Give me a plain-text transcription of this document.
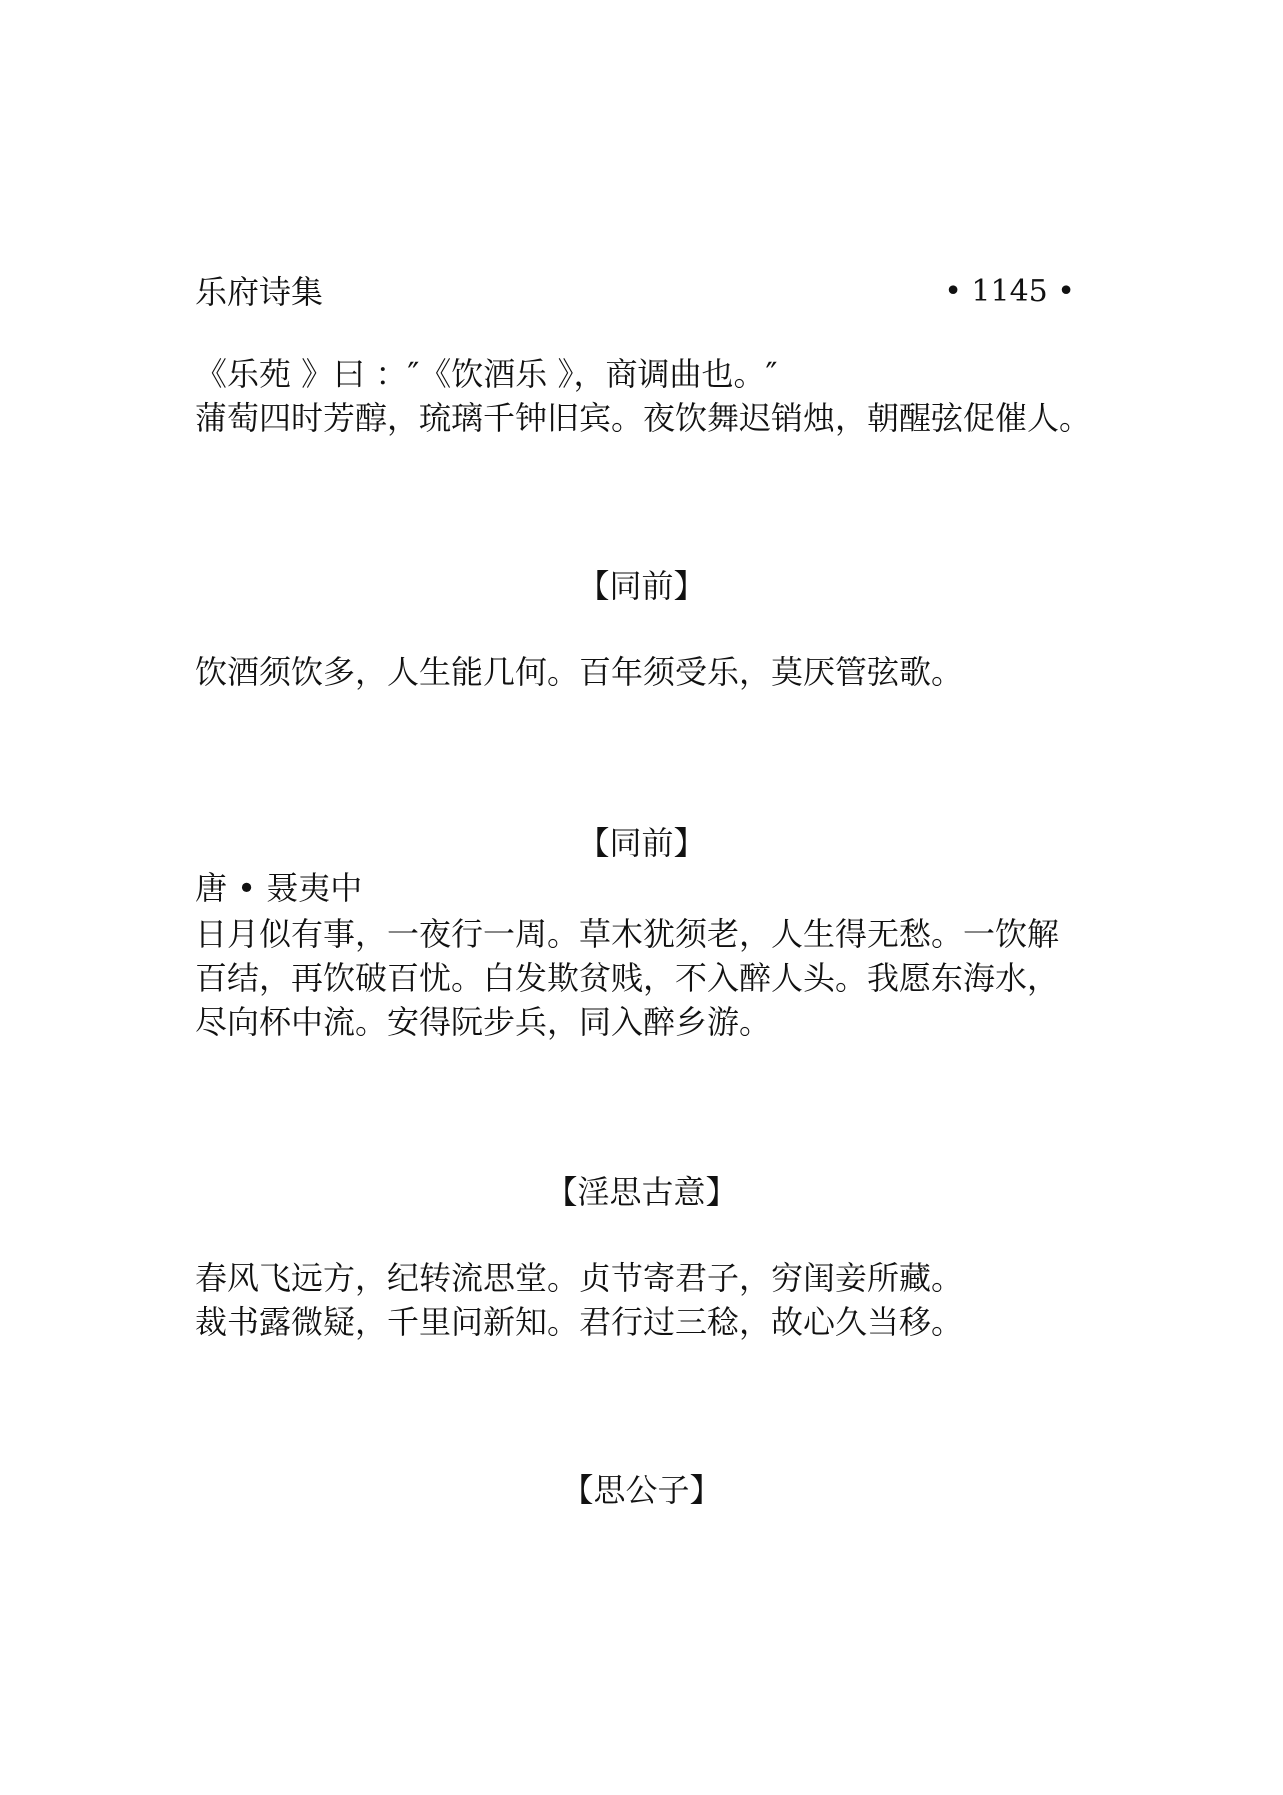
乐府诗集	• 1145 •
《乐苑 》曰 ：″《饮酒乐 》，商调曲也。″
蒲萄四时芳醇，琉璃千钟旧宾。夜饮舞迟销烛，朝醒弦促催人。
【同前】
饮酒须饮多，人生能几何。百年须受乐，莫厌管弦歌。
【同前】
唐 • 聂夷中
日月似有事，一夜行一周。草木犹须老，人生得无愁。一饮解
百结，再饮破百忧。白发欺贫贱，不入醉人头。我愿东海水，
尽向杯中流。安得阮步兵，同入醉乡游。
【淫思古意】
春风飞远方，纪转流思堂。贞节寄君子，穷闺妾所藏。
裁书露微疑，千里问新知。君行过三稔，故心久当移。
【思公子】
